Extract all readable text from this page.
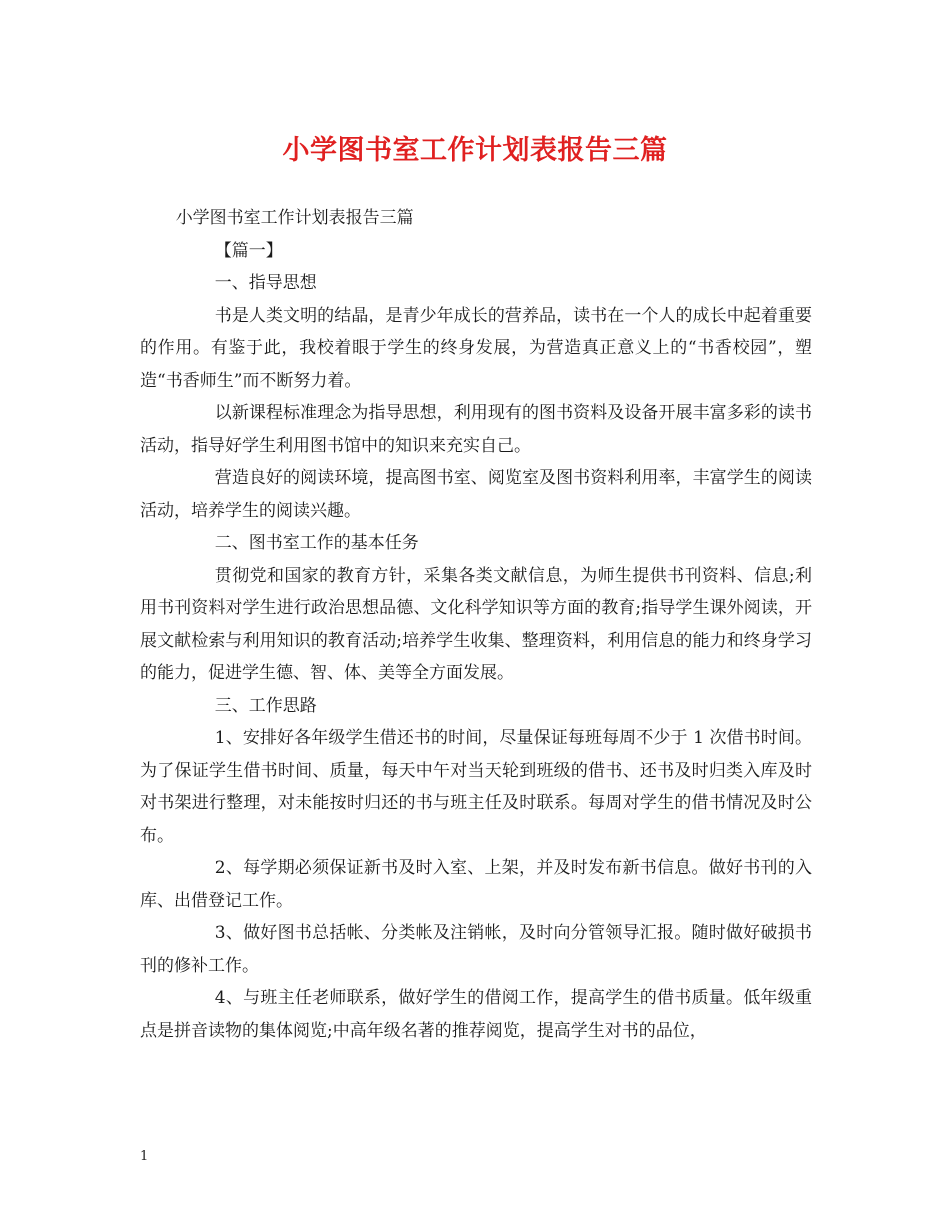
小学图书室工作计划表报告三篇

小学图书室工作计划表报告三篇

【篇一】

一、指导思想

书是人类文明的结晶，是青少年成长的营养品，读书在一个人的成长中起着重要的作用。有鉴于此，我校着眼于学生的终身发展，为营造真正意义上的“书香校园”，塑造“书香师生”而不断努力着。

以新课程标准理念为指导思想，利用现有的图书资料及设备开展丰富多彩的读书活动，指导好学生利用图书馆中的知识来充实自己。

营造良好的阅读环境，提高图书室、阅览室及图书资料利用率，丰富学生的阅读活动，培养学生的阅读兴趣。

二、图书室工作的基本任务

贯彻党和国家的教育方针，采集各类文献信息，为师生提供书刊资料、信息;利用书刊资料对学生进行政治思想品德、文化科学知识等方面的教育;指导学生课外阅读，开展文献检索与利用知识的教育活动;培养学生收集、整理资料，利用信息的能力和终身学习的能力，促进学生德、智、体、美等全方面发展。

三、工作思路

1、安排好各年级学生借还书的时间，尽量保证每班每周不少于 1 次借书时间。为了保证学生借书时间、质量，每天中午对当天轮到班级的借书、还书及时归类入库及时对书架进行整理，对未能按时归还的书与班主任及时联系。每周对学生的借书情况及时公布。

2、每学期必须保证新书及时入室、上架，并及时发布新书信息。做好书刊的入库、出借登记工作。

3、做好图书总括帐、分类帐及注销帐，及时向分管领导汇报。随时做好破损书刊的修补工作。

4、与班主任老师联系，做好学生的借阅工作，提高学生的借书质量。低年级重点是拼音读物的集体阅览;中高年级名著的推荐阅览，提高学生对书的品位，

1
